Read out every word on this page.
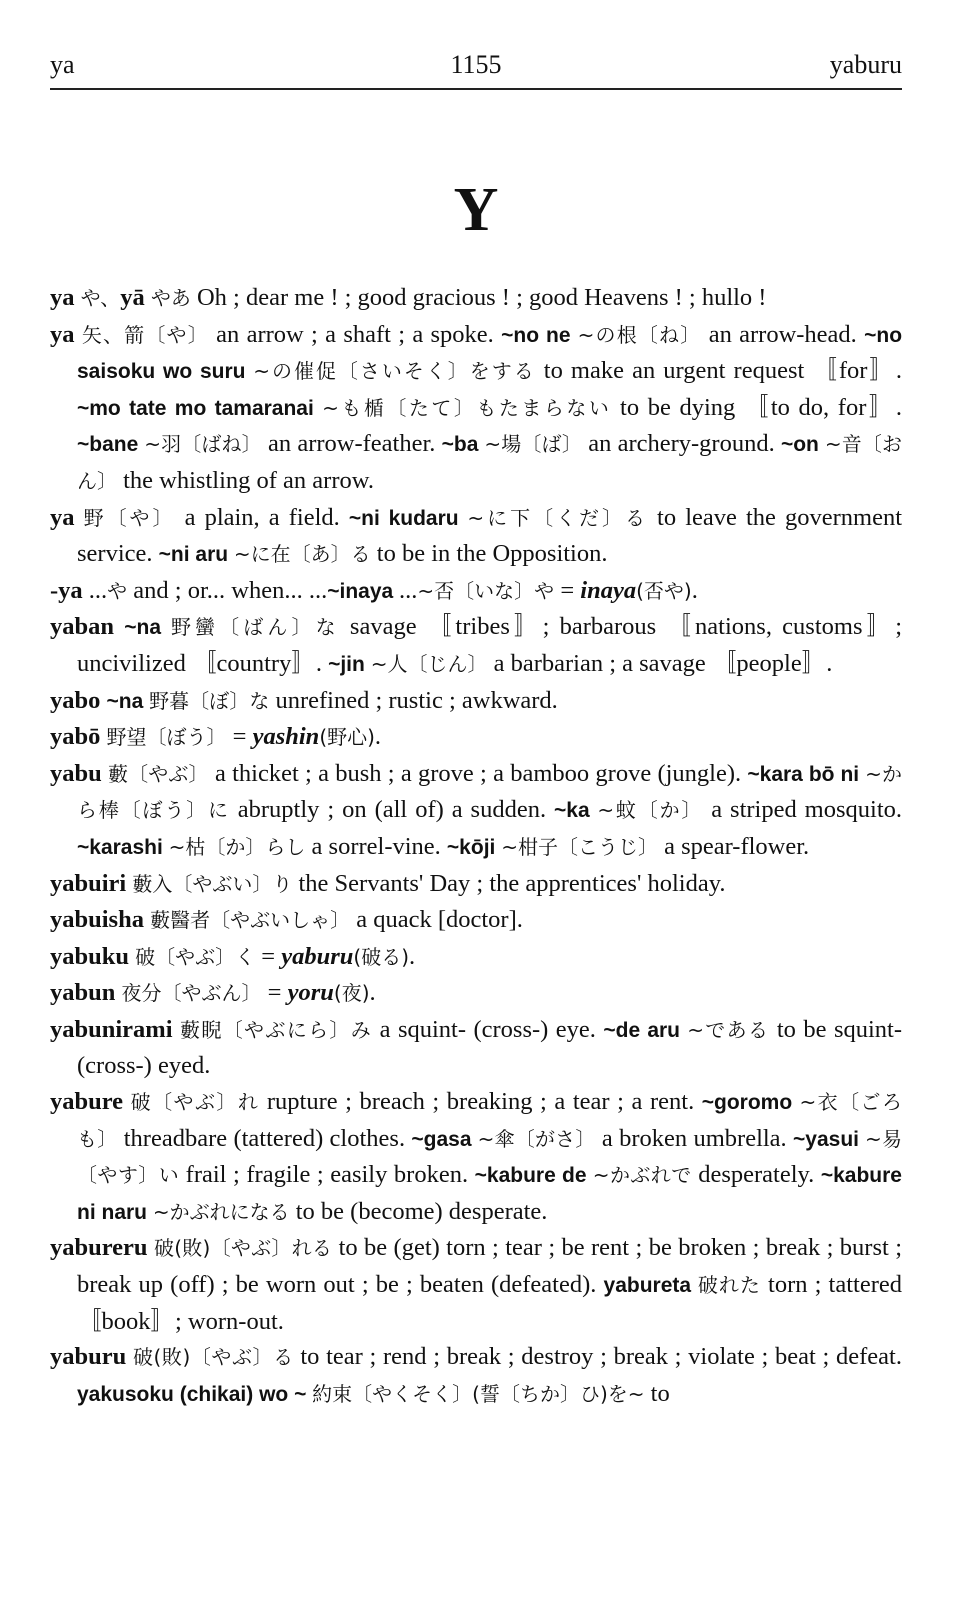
1155
ya	yaburu
Y
ya や、yā やあ Oh ; dear me ! ; good gracious ! ; good Heavens ! ; hullo !
ya 矢、箭〔や〕 an arrow ; a shaft ; a spoke. ~no ne ~の根〔ね〕 an arrow-head. ~no saisoku wo suru ~の催促〔さいそく〕をする to make an urgent request 〚for〛. ~mo tate mo tamaranai ~も楯〔たて〕もたまらない to be dying 〚to do, for〛. ~bane ~羽〔ばね〕 an arrow-feather. ~ba ~場〔ば〕 an archery-ground. ~on ~音〔おん〕 the whistling of an arrow.
ya 野〔や〕 a plain, a field. ~ni kudaru ~に下〔くだ〕る to leave the government service. ~ni aru ~に在〔あ〕る to be in the Opposition.
-ya ...や and ; or... when... ...~inaya ...~否〔いな〕や = inaya(否や).
yaban ~na 野蠻〔ばん〕な savage 〚tribes〛; barbarous 〚nations, customs〛; uncivilized 〚country〛. ~jin ~人〔じん〕 a barbarian ; a savage 〚people〛.
yabo ~na 野暮〔ぼ〕な unrefined ; rustic ; awkward.
yabō 野望〔ぼう〕 = yashin(野心).
yabu 藪〔やぶ〕 a thicket ; a bush ; a grove ; a bamboo grove (jungle). ~kara bō ni ~から棒〔ぼう〕に abruptly ; on (all of) a sudden. ~ka ~蚊〔か〕 a striped mosquito. ~karashi ~枯〔か〕らし a sorrel-vine. ~kōji ~柑子〔こうじ〕 a spear-flower.
yabuiri 藪入〔やぶい〕り the Servants' Day ; the apprentices' holiday.
yabuisha 藪醫者〔やぶいしゃ〕 a quack [doctor].
yabuku 破〔やぶ〕く = yaburu(破る).
yabun 夜分〔やぶん〕 = yoru(夜).
yabunirami 藪睨〔やぶにら〕み a squint- (cross-) eye. ~de aru ~である to be squint- (cross-) eyed.
yabure 破〔やぶ〕れ rupture ; breach ; breaking ; a tear ; a rent. ~goromo ~衣〔ごろも〕 threadbare (tattered) clothes. ~gasa ~傘〔がさ〕 a broken umbrella. ~yasui ~易〔やす〕い frail ; fragile ; easily broken. ~kabure de ~かぶれで desperately. ~kabure ni naru ~かぶれになる to be (become) desperate.
yabureru 破(敗)〔やぶ〕れる to be (get) torn ; tear ; be rent ; be broken ; break ; burst ; break up (off) ; be worn out ; be ; beaten (defeated). yabureta 破れた torn ; tattered 〚book〛; worn-out.
yaburu 破(敗)〔やぶ〕る to tear ; rend ; break ; destroy ; break ; violate ; beat ; defeat. yakusoku (chikai) wo ~ 約束〔やくそく〕(誓〔ちか〕ひ)を~ to
